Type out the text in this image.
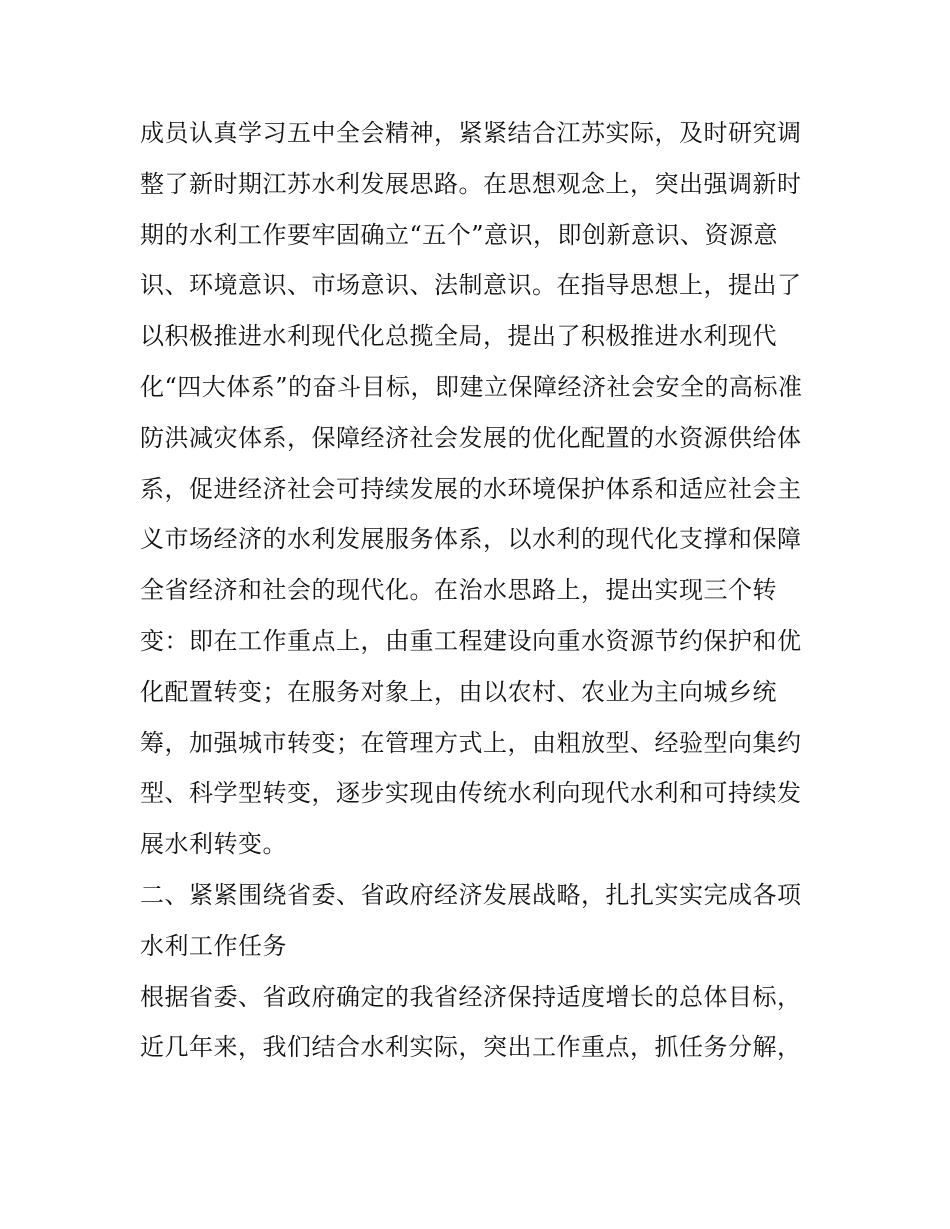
成员认真学习五中全会精神，紧紧结合江苏实际，及时研究调
整了新时期江苏水利发展思路。在思想观念上，突出强调新时
期的水利工作要牢固确立“五个”意识，即创新意识、资源意
识、环境意识、市场意识、法制意识。在指导思想上，提出了
以积极推进水利现代化总揽全局，提出了积极推进水利现代
化“四大体系”的奋斗目标，即建立保障经济社会安全的高标准
防洪减灾体系，保障经济社会发展的优化配置的水资源供给体
系，促进经济社会可持续发展的水环境保护体系和适应社会主
义市场经济的水利发展服务体系，以水利的现代化支撑和保障
全省经济和社会的现代化。在治水思路上，提出实现三个转
变：即在工作重点上，由重工程建设向重水资源节约保护和优
化配置转变；在服务对象上，由以农村、农业为主向城乡统
筹，加强城市转变；在管理方式上，由粗放型、经验型向集约
型、科学型转变，逐步实现由传统水利向现代水利和可持续发
展水利转变。
二、紧紧围绕省委、省政府经济发展战略，扎扎实实完成各项
水利工作任务
根据省委、省政府确定的我省经济保持适度增长的总体目标，
近几年来，我们结合水利实际，突出工作重点，抓任务分解，
